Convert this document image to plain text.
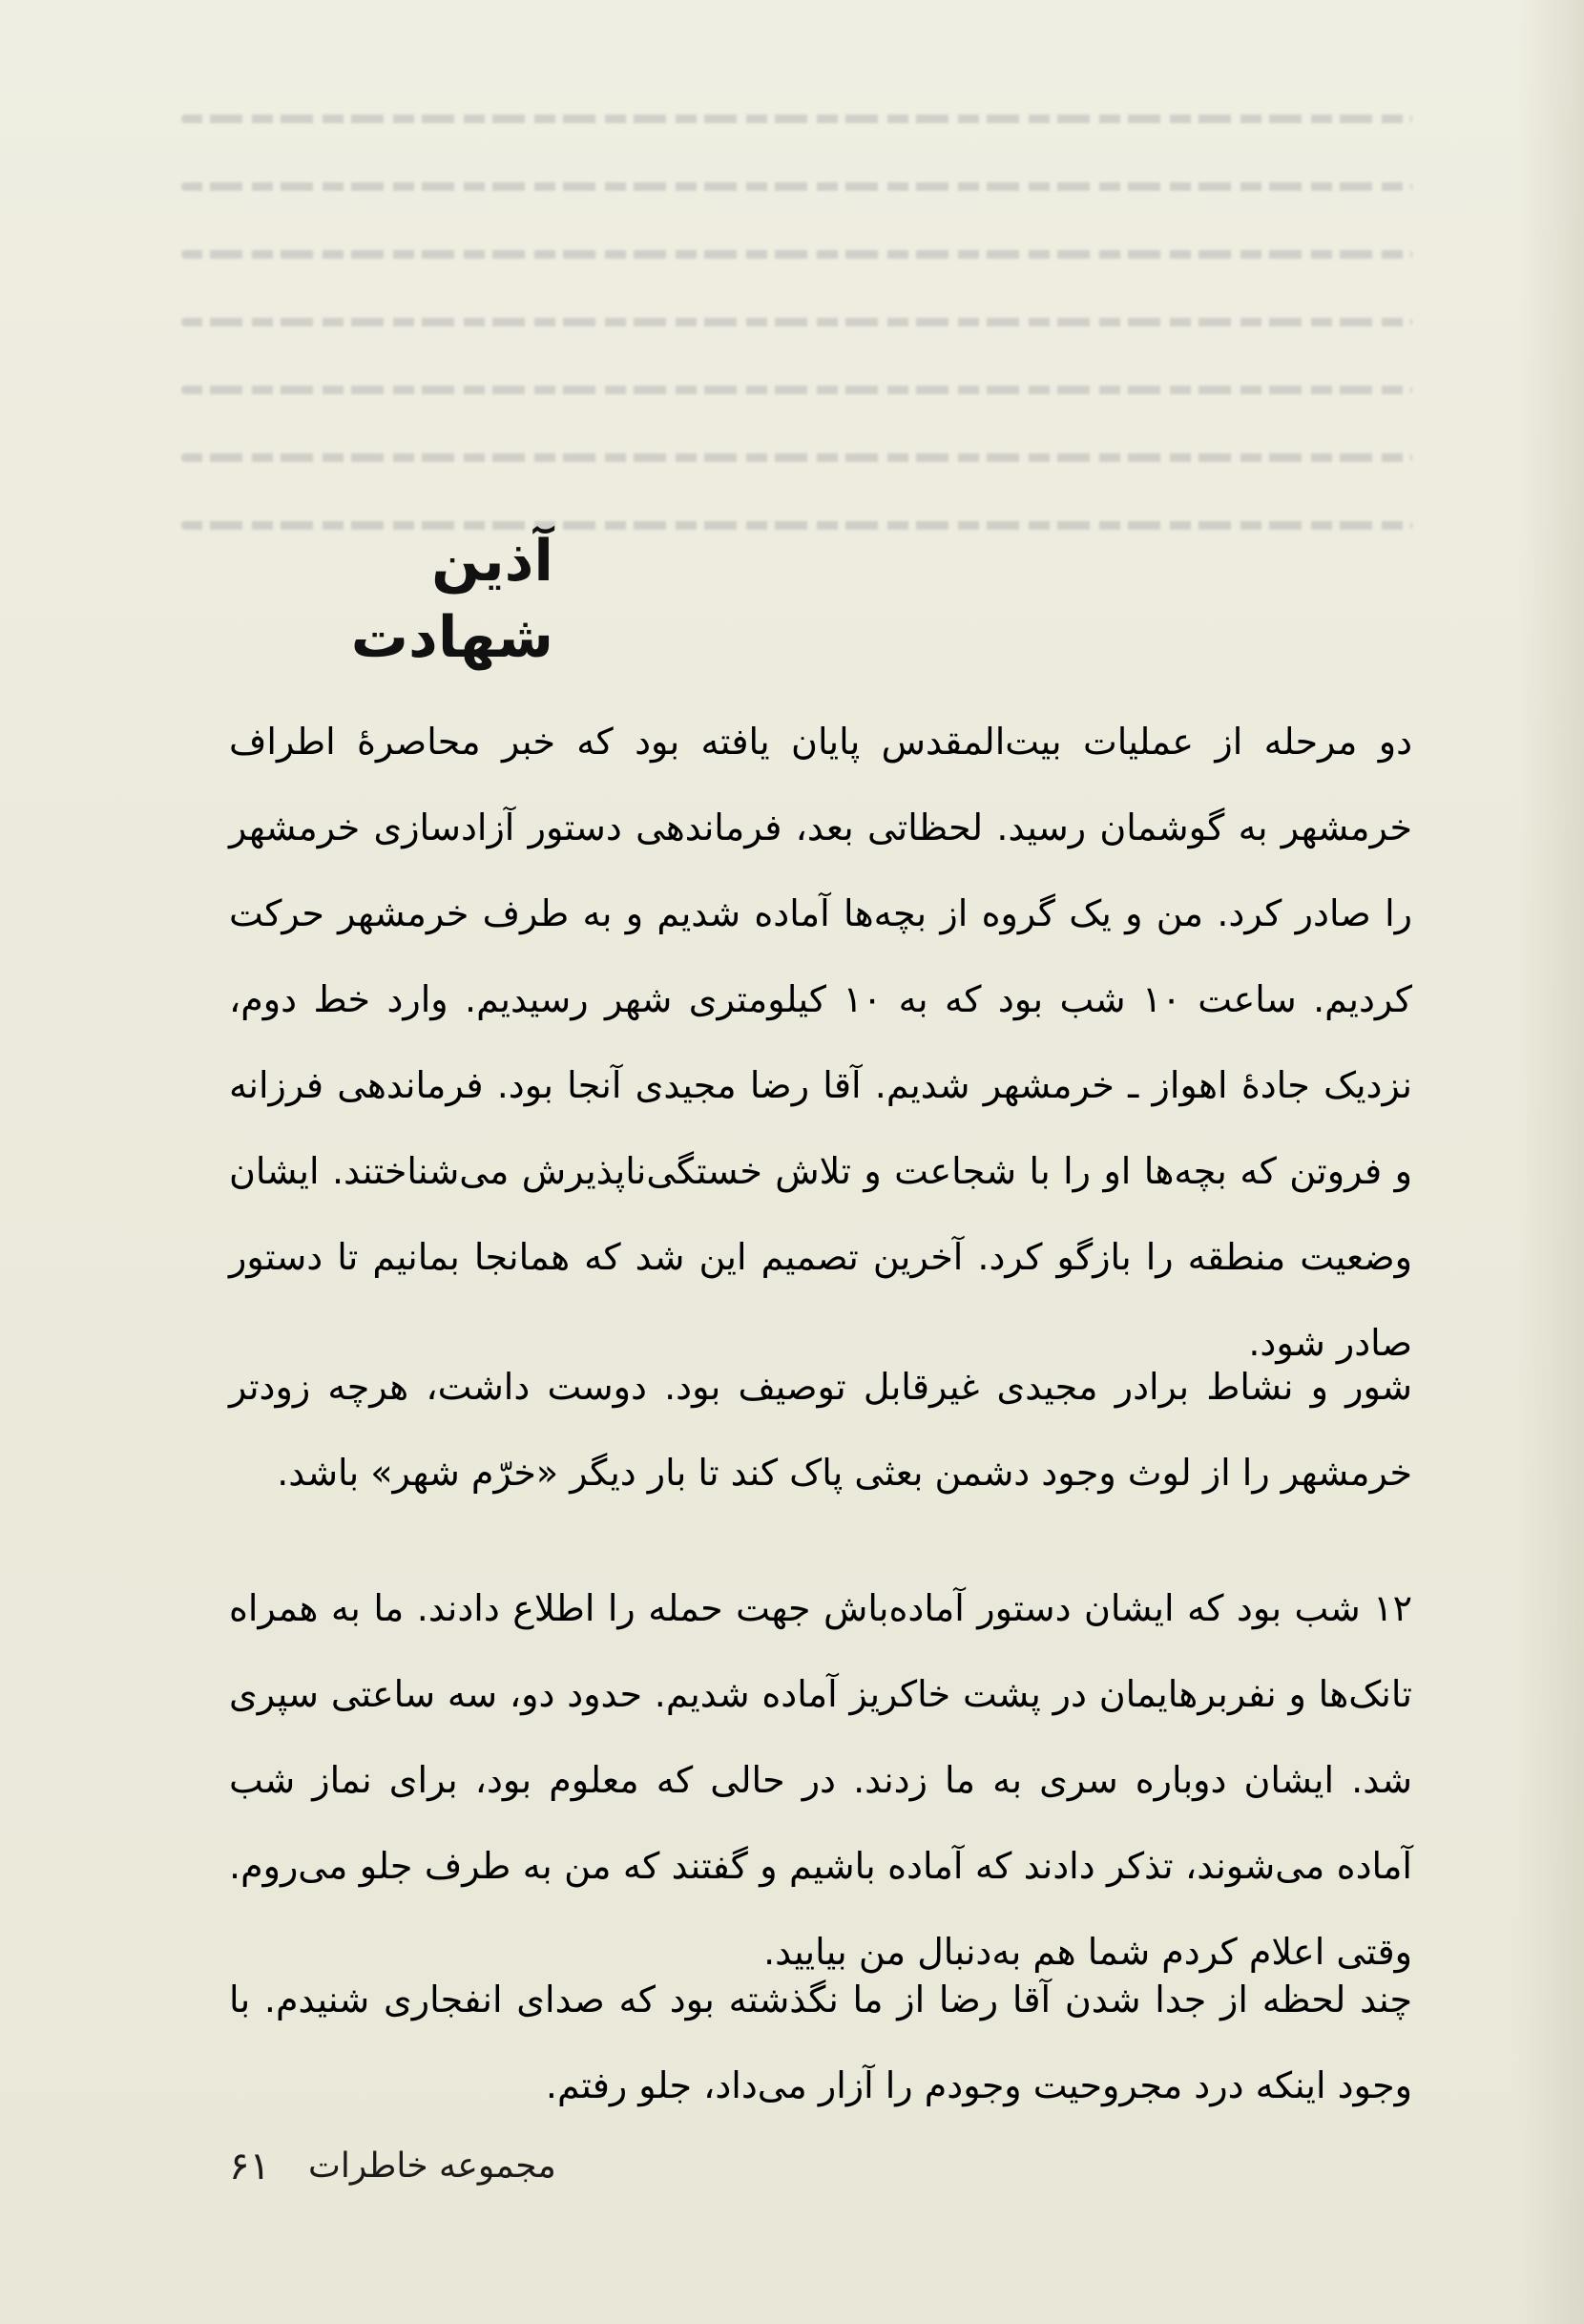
آذین شهادت

دو مرحله از عملیات بیت‌المقدس پایان یافته بود که خبر محاصرهٔ اطراف خرمشهر به گوشمان رسید. لحظاتی بعد، فرماندهی دستور آزادسازی خرمشهر را صادر کرد. من و یک گروه از بچه‌ها آماده شدیم و به طرف خرمشهر حرکت کردیم. ساعت ۱۰ شب بود که به ۱۰ کیلومتری شهر رسیدیم. وارد خط دوم، نزدیک جادهٔ اهواز ـ خرمشهر شدیم. آقا رضا مجیدی آنجا بود. فرماندهی فرزانه و فروتن که بچه‌ها او را با شجاعت و تلاش خستگی‌ناپذیرش می‌شناختند. ایشان وضعیت منطقه را بازگو کرد. آخرین تصمیم این شد که همانجا بمانیم تا دستور صادر شود.

شور و نشاط برادر مجیدی غیرقابل توصیف بود. دوست داشت، هرچه زودتر خرمشهر را از لوث وجود دشمن بعثی پاک کند تا بار دیگر «خرّم شهر» باشد.

۱۲ شب بود که ایشان دستور آماده‌باش جهت حمله را اطلاع دادند. ما به همراه تانک‌ها و نفربرهایمان در پشت خاکریز آماده شدیم. حدود دو، سه ساعتی سپری شد. ایشان دوباره سری به ما زدند. در حالی که معلوم بود، برای نماز شب آماده می‌شوند، تذکر دادند که آماده باشیم و گفتند که من به طرف جلو می‌روم. وقتی اعلام کردم شما هم به‌دنبال من بیایید.

چند لحظه از جدا شدن آقا رضا از ما نگذشته بود که صدای انفجاری شنیدم. با وجود اینکه درد مجروحیت وجودم را آزار می‌داد، جلو رفتم.

مجموعه خاطرات
۶۱
